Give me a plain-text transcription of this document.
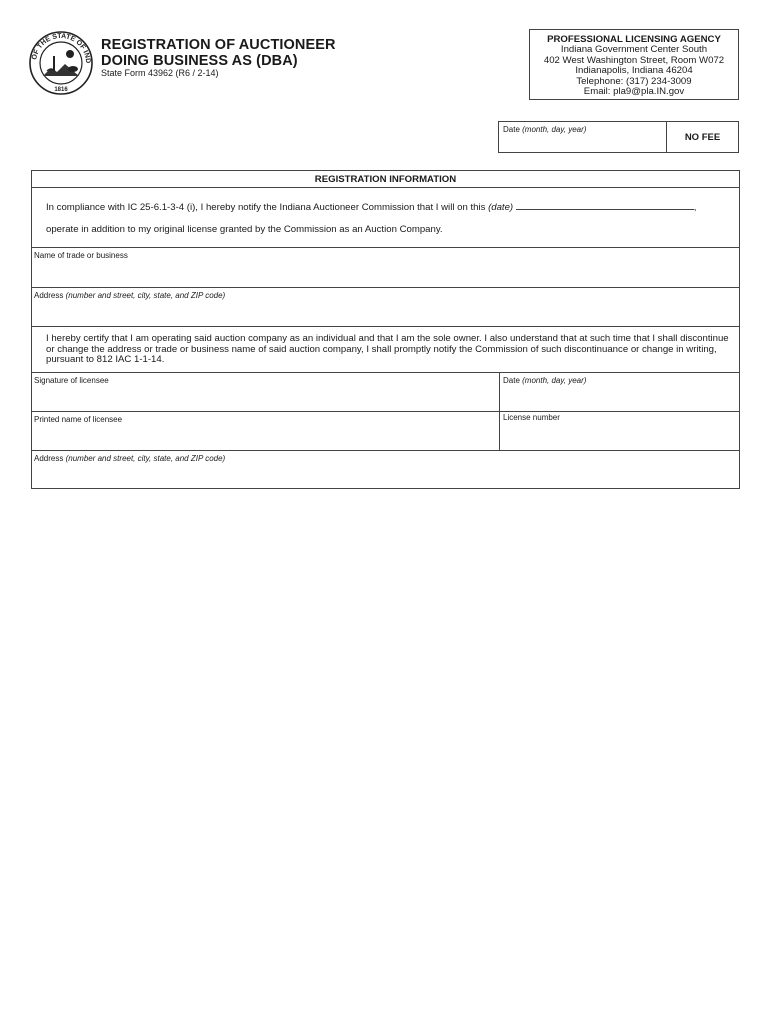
OF THE STATE OF IND
1816
REGISTRATION OF AUCTIONEER
DOING BUSINESS AS (DBA)
State Form 43962 (R6 / 2-14)
PROFESSIONAL LICENSING AGENCY
Indiana Government Center South
402 West Washington Street, Room W072
Indianapolis, Indiana 46204
Telephone: (317) 234-3009
Email: pla9@pla.IN.gov
Date (month, day, year)
NO FEE
REGISTRATION INFORMATION
In compliance with IC 25-6.1-3-4 (i), I hereby notify the Indiana Auctioneer Commission that I will on this (date)	,
operate in addition to my original license granted by the Commission as an Auction Company.
Name of trade or business
Address (number and street, city, state, and ZIP code)
I hereby certify that I am operating said auction company as an individual and that I am the sole owner. I also understand that at such time that I shall discontinue or change the address or trade or business name of said auction company, I shall promptly notify the Commission of such discontinuance or change in writing, pursuant to 812 IAC 1-1-14.
Signature of licensee	Date (month, day, year)
Printed name of licensee	License number
Address (number and street, city, state, and ZIP code)
